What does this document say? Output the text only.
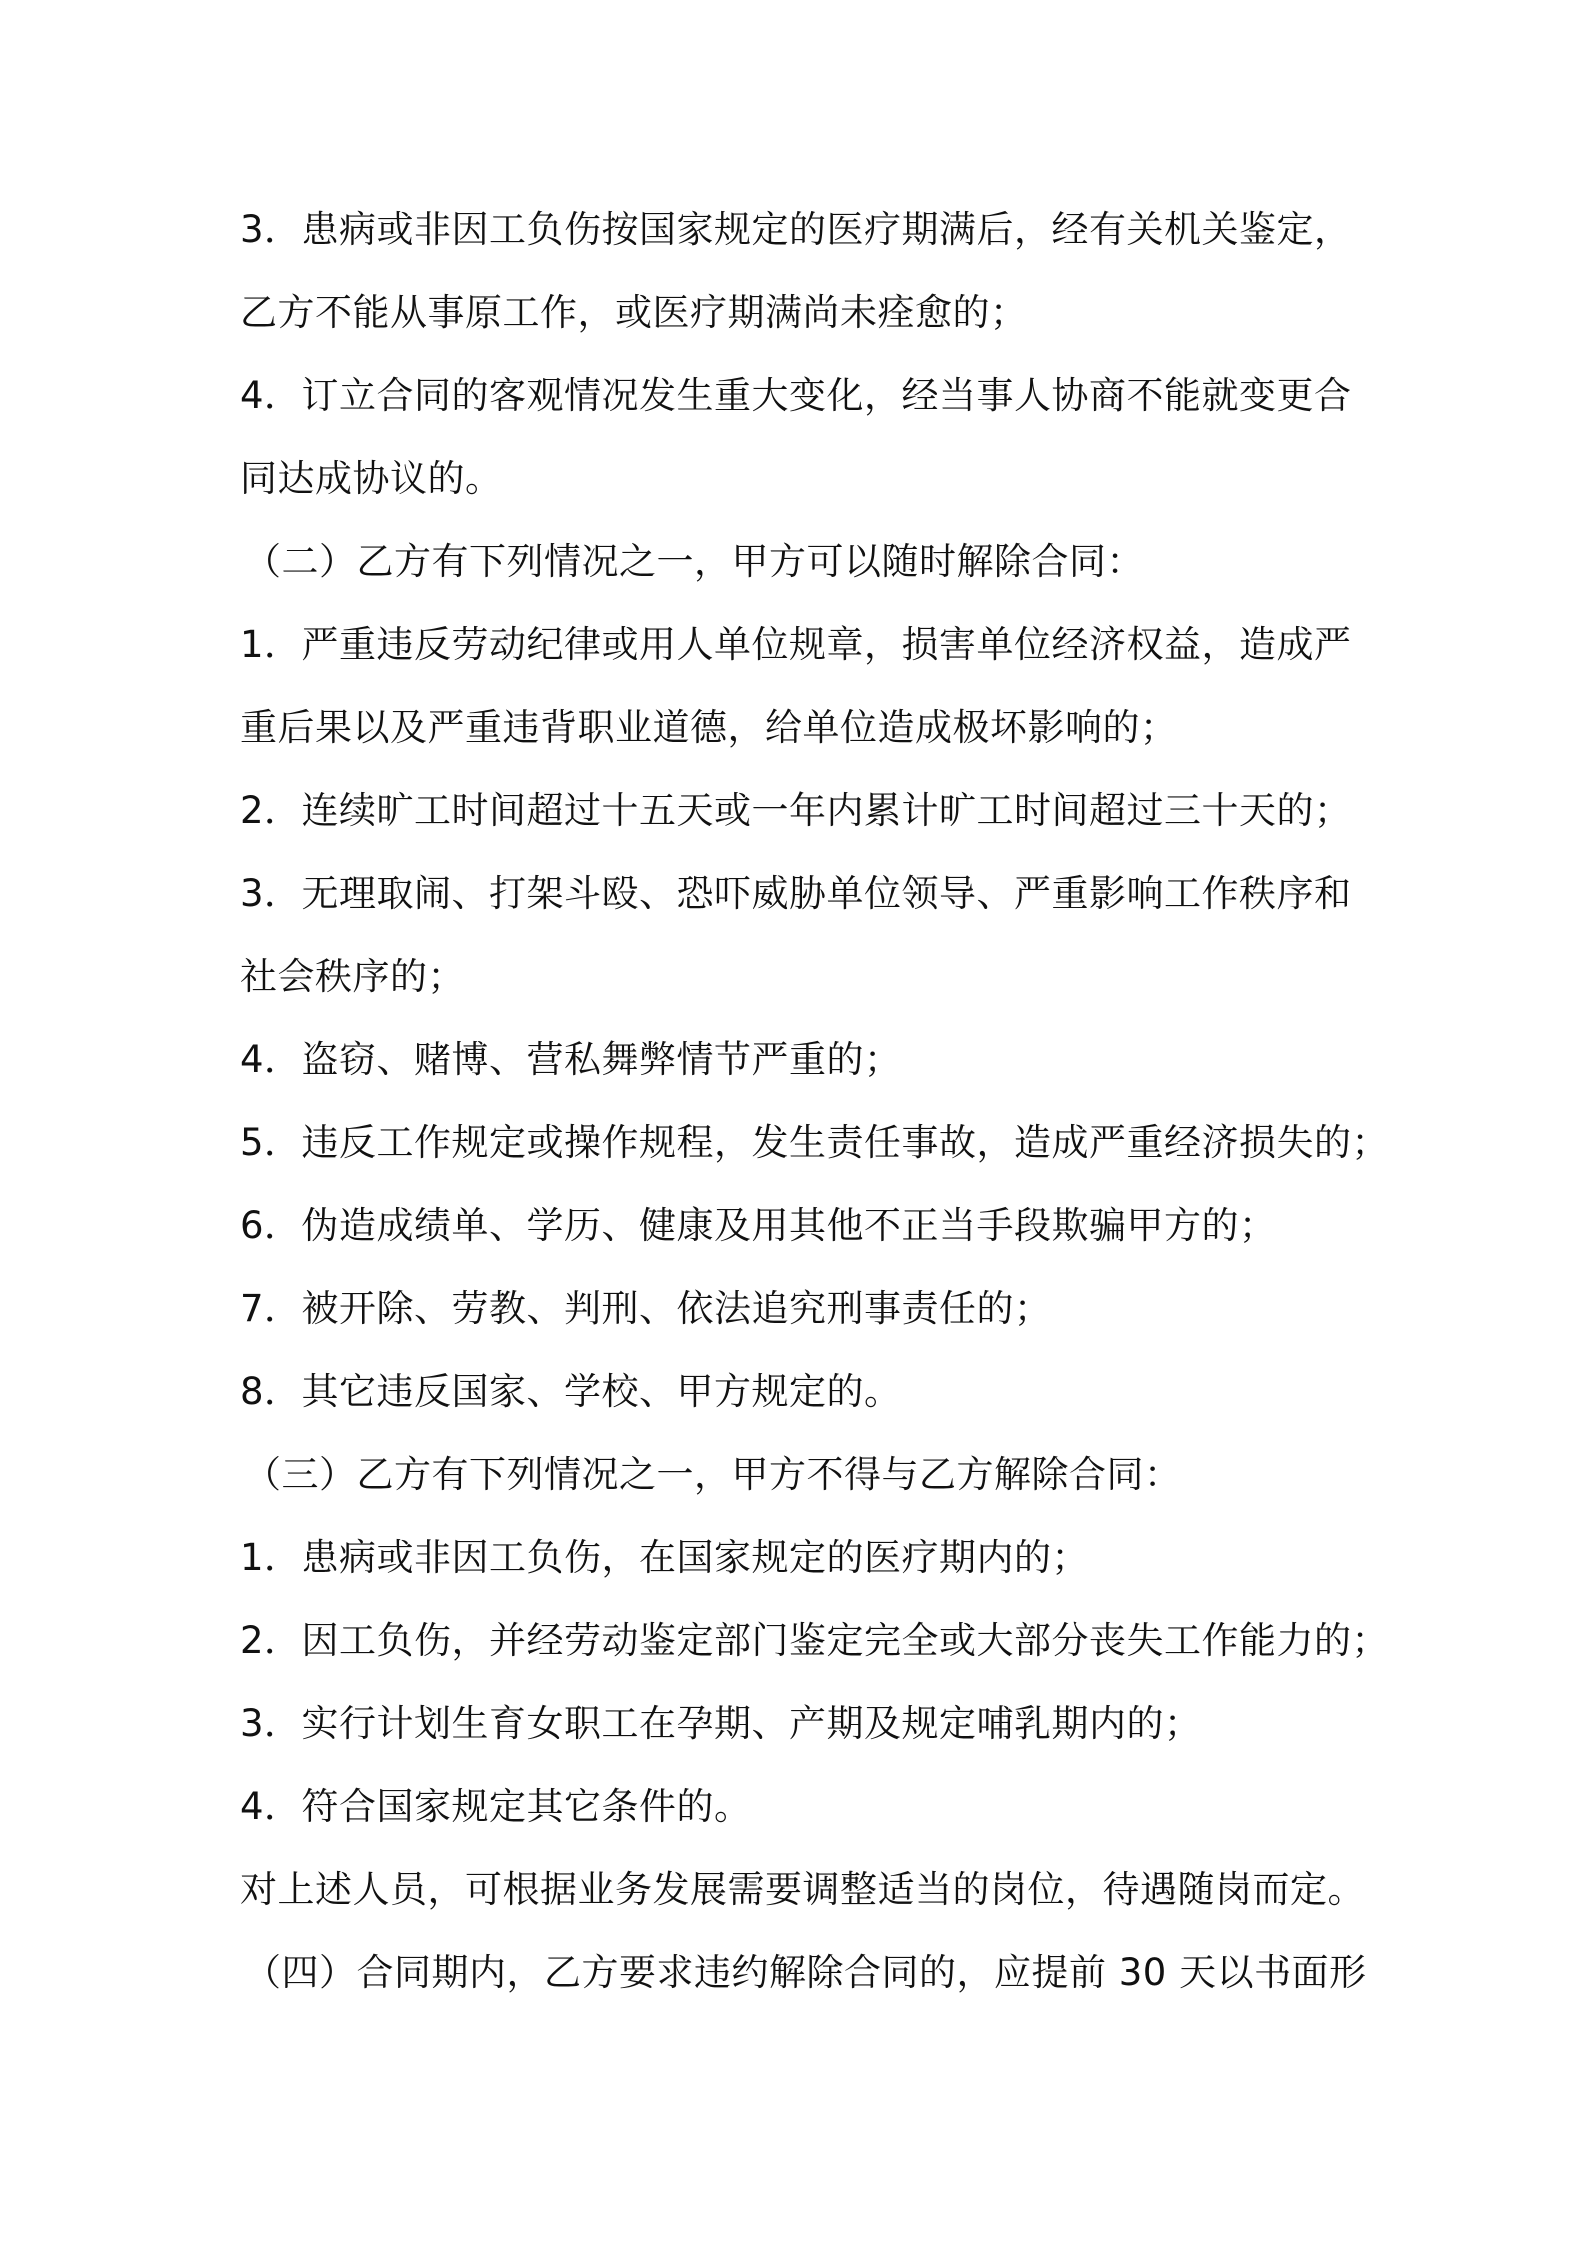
3．患病或非因工负伤按国家规定的医疗期满后，经有关机关鉴定，
乙方不能从事原工作，或医疗期满尚未痊愈的；
4．订立合同的客观情况发生重大变化，经当事人协商不能就变更合
同达成协议的。
（二）乙方有下列情况之一，甲方可以随时解除合同：
1．严重违反劳动纪律或用人单位规章，损害单位经济权益，造成严
重后果以及严重违背职业道德，给单位造成极坏影响的；
2．连续旷工时间超过十五天或一年内累计旷工时间超过三十天的；
3．无理取闹、打架斗殴、恐吓威胁单位领导、严重影响工作秩序和
社会秩序的；
4．盗窃、赌博、营私舞弊情节严重的；
5．违反工作规定或操作规程，发生责任事故，造成严重经济损失的；
6．伪造成绩单、学历、健康及用其他不正当手段欺骗甲方的；
7．被开除、劳教、判刑、依法追究刑事责任的；
8．其它违反国家、学校、甲方规定的。
（三）乙方有下列情况之一，甲方不得与乙方解除合同：
1．患病或非因工负伤，在国家规定的医疗期内的；
2．因工负伤，并经劳动鉴定部门鉴定完全或大部分丧失工作能力的；
3．实行计划生育女职工在孕期、产期及规定哺乳期内的；
4．符合国家规定其它条件的。
对上述人员，可根据业务发展需要调整适当的岗位，待遇随岗而定。
（四）合同期内，乙方要求违约解除合同的，应提前 30 天以书面形
